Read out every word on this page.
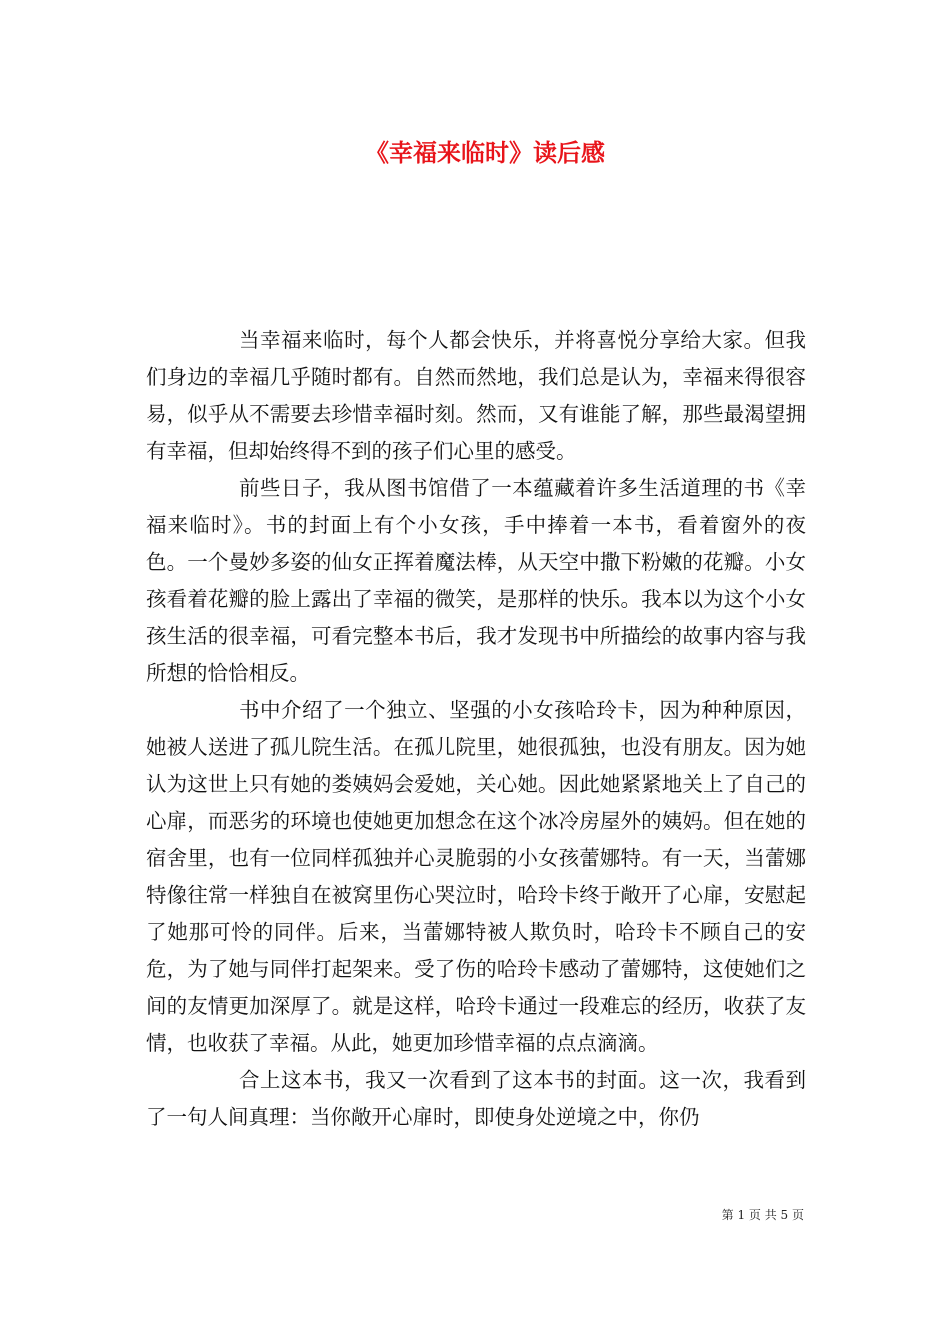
《幸福来临时》读后感

当幸福来临时，每个人都会快乐，并将喜悦分享给大家。但我们身边的幸福几乎随时都有。自然而然地，我们总是认为，幸福来得很容易，似乎从不需要去珍惜幸福时刻。然而，又有谁能了解，那些最渴望拥有幸福，但却始终得不到的孩子们心里的感受。

前些日子，我从图书馆借了一本蕴藏着许多生活道理的书《幸福来临时》。书的封面上有个小女孩，手中捧着一本书，看着窗外的夜色。一个曼妙多姿的仙女正挥着魔法棒，从天空中撒下粉嫩的花瓣。小女孩看着花瓣的脸上露出了幸福的微笑，是那样的快乐。我本以为这个小女孩生活的很幸福，可看完整本书后，我才发现书中所描绘的故事内容与我所想的恰恰相反。

书中介绍了一个独立、坚强的小女孩哈玲卡，因为种种原因，她被人送进了孤儿院生活。在孤儿院里，她很孤独，也没有朋友。因为她认为这世上只有她的娄姨妈会爱她，关心她。因此她紧紧地关上了自己的心扉，而恶劣的环境也使她更加想念在这个冰冷房屋外的姨妈。但在她的宿舍里，也有一位同样孤独并心灵脆弱的小女孩蕾娜特。有一天，当蕾娜特像往常一样独自在被窝里伤心哭泣时，哈玲卡终于敞开了心扉，安慰起了她那可怜的同伴。后来，当蕾娜特被人欺负时，哈玲卡不顾自己的安危，为了她与同伴打起架来。受了伤的哈玲卡感动了蕾娜特，这使她们之间的友情更加深厚了。就是这样，哈玲卡通过一段难忘的经历，收获了友情，也收获了幸福。从此，她更加珍惜幸福的点点滴滴。

合上这本书，我又一次看到了这本书的封面。这一次，我看到了一句人间真理：当你敞开心扉时，即使身处逆境之中，你仍

第 1 页 共 5 页
